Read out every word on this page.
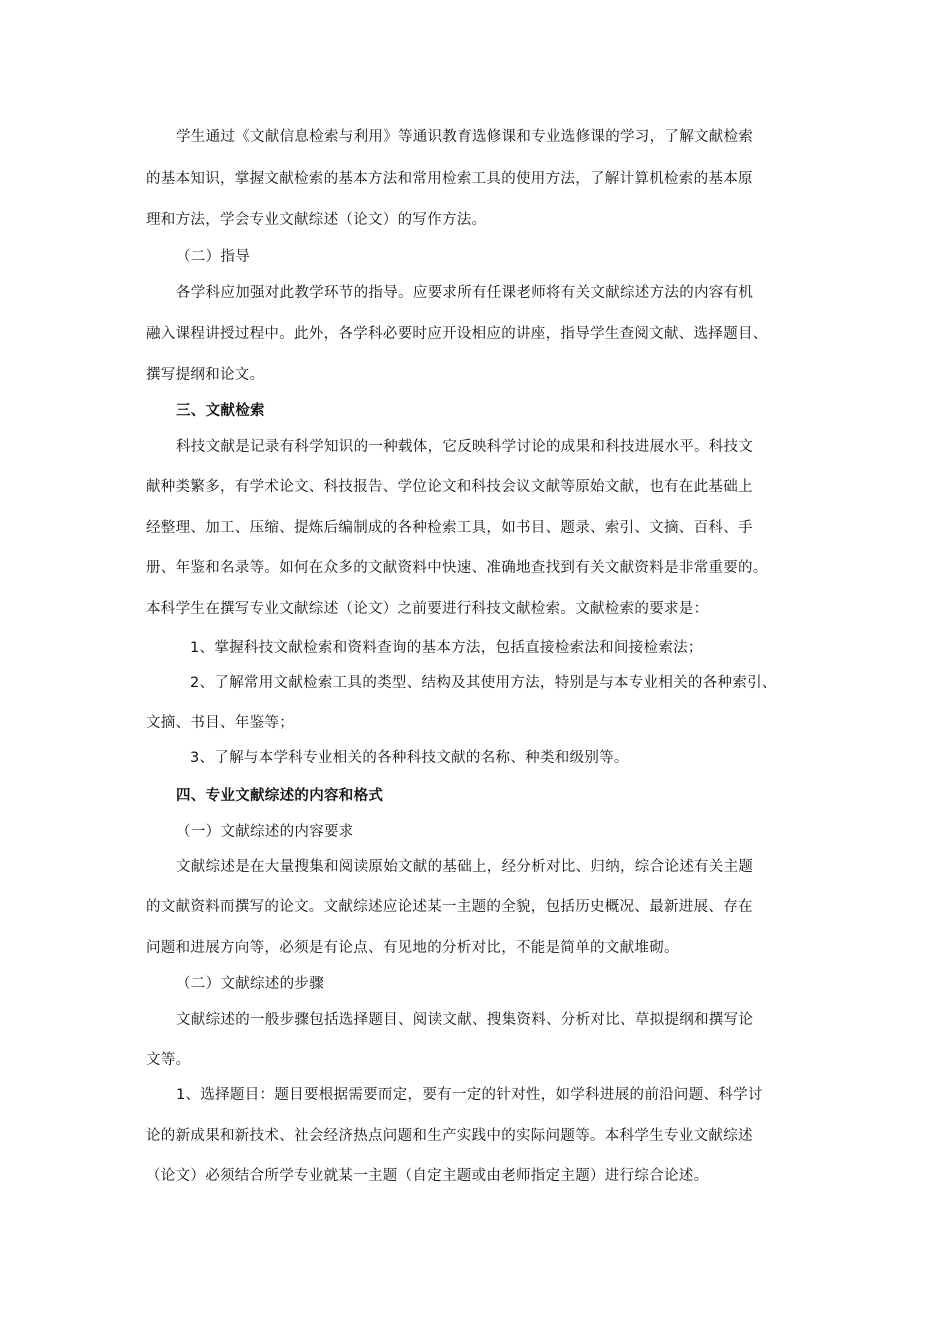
学生通过《文献信息检索与利用》等通识教育选修课和专业选修课的学习，了解文献检索
的基本知识，掌握文献检索的基本方法和常用检索工具的使用方法，了解计算机检索的基本原
理和方法，学会专业文献综述（论文）的写作方法。
（二）指导
各学科应加强对此教学环节的指导。应要求所有任课老师将有关文献综述方法的内容有机
融入课程讲授过程中。此外，各学科必要时应开设相应的讲座，指导学生查阅文献、选择题目、
撰写提纲和论文。
三、文献检索
科技文献是记录有科学知识的一种载体，它反映科学讨论的成果和科技进展水平。科技文
献种类繁多，有学术论文、科技报告、学位论文和科技会议文献等原始文献，也有在此基础上
经整理、加工、压缩、提炼后编制成的各种检索工具，如书目、题录、索引、文摘、百科、手
册、年鉴和名录等。如何在众多的文献资料中快速、准确地查找到有关文献资料是非常重要的。
本科学生在撰写专业文献综述（论文）之前要进行科技文献检索。文献检索的要求是：
1、掌握科技文献检索和资料查询的基本方法，包括直接检索法和间接检索法；
2、了解常用文献检索工具的类型、结构及其使用方法，特别是与本专业相关的各种索引、
文摘、书目、年鉴等；
3、了解与本学科专业相关的各种科技文献的名称、种类和级别等。
四、专业文献综述的内容和格式
（一）文献综述的内容要求
文献综述是在大量搜集和阅读原始文献的基础上，经分析对比、归纳，综合论述有关主题
的文献资料而撰写的论文。文献综述应论述某一主题的全貌，包括历史概况、最新进展、存在
问题和进展方向等，必须是有论点、有见地的分析对比，不能是简单的文献堆砌。
（二）文献综述的步骤
文献综述的一般步骤包括选择题目、阅读文献、搜集资料、分析对比、草拟提纲和撰写论
文等。
1、选择题目：题目要根据需要而定，要有一定的针对性，如学科进展的前沿问题、科学讨
论的新成果和新技术、社会经济热点问题和生产实践中的实际问题等。本科学生专业文献综述
（论文）必须结合所学专业就某一主题（自定主题或由老师指定主题）进行综合论述。
